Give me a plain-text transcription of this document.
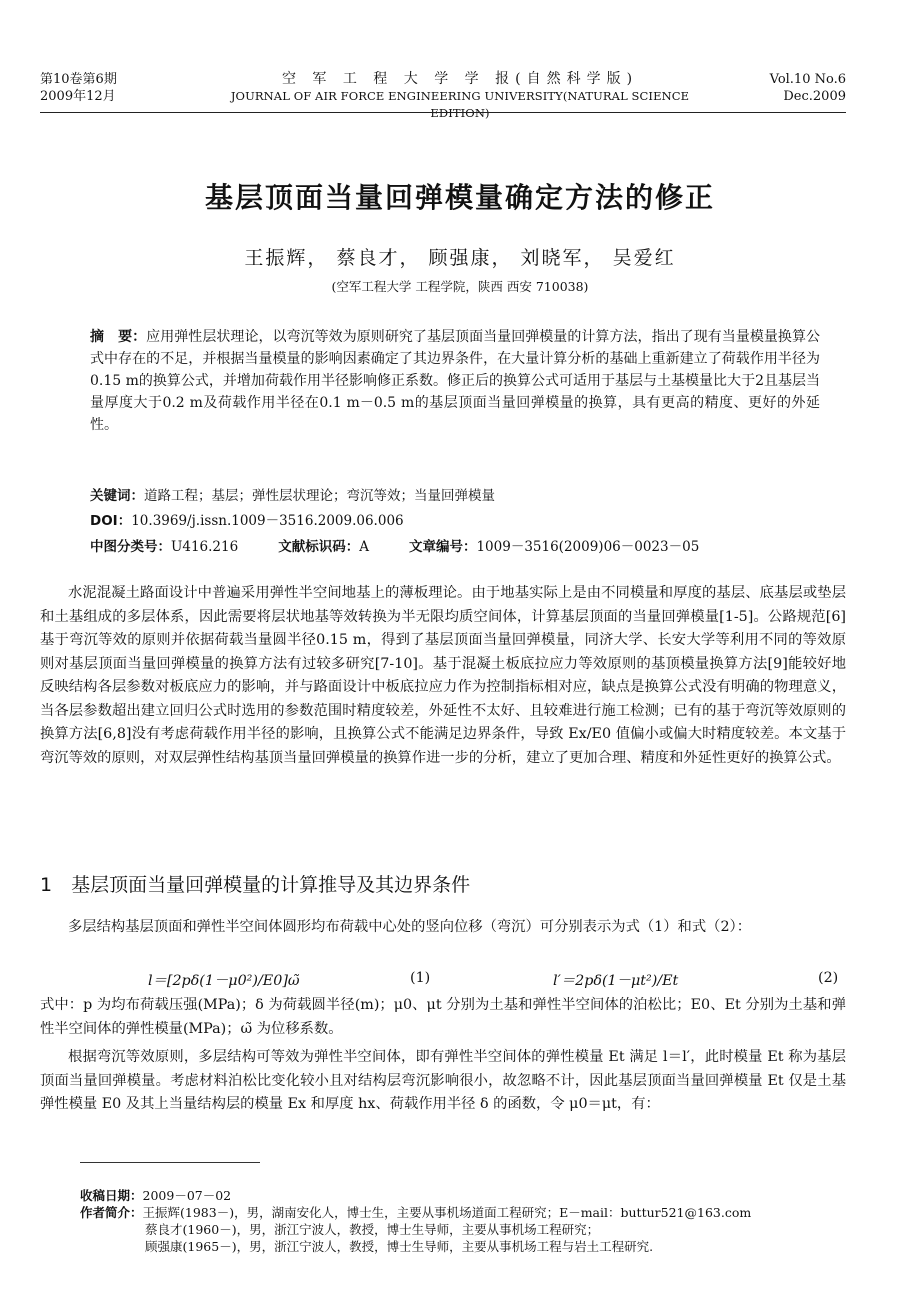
第10卷第6期
2009年12月
空 军 工 程 大 学 学 报(自然科学版)
JOURNAL OF AIR FORCE ENGINEERING UNIVERSITY(NATURAL SCIENCE EDITION)
Vol.10 No.6
Dec.2009
基层顶面当量回弹模量确定方法的修正
王振辉， 蔡良才， 顾强康， 刘晓军， 吴爱红
(空军工程大学 工程学院，陕西 西安 710038)
摘　要：应用弹性层状理论，以弯沉等效为原则研究了基层顶面当量回弹模量的计算方法，指出了现有当量模量换算公式中存在的不足，并根据当量模量的影响因素确定了其边界条件，在大量计算分析的基础上重新建立了荷载作用半径为0.15 m的换算公式，并增加荷载作用半径影响修正系数。修正后的换算公式可适用于基层与土基模量比大于2且基层当量厚度大于0.2 m及荷载作用半径在0.1 m－0.5 m的基层顶面当量回弹模量的换算，具有更高的精度、更好的外延性。
关键词：道路工程；基层；弹性层状理论；弯沉等效；当量回弹模量
DOI：10.3969/j.issn.1009－3516.2009.06.006
中图分类号：U416.216	文献标识码：A	文章编号：1009－3516(2009)06－0023－05
水泥混凝土路面设计中普遍采用弹性半空间地基上的薄板理论。由于地基实际上是由不同模量和厚度的基层、底基层或垫层和土基组成的多层体系，因此需要将层状地基等效转换为半无限均质空间体，计算基层顶面的当量回弹模量[1-5]。公路规范[6]基于弯沉等效的原则并依据荷载当量圆半径0.15 m，得到了基层顶面当量回弹模量，同济大学、长安大学等利用不同的等效原则对基层顶面当量回弹模量的换算方法有过较多研究[7-10]。基于混凝土板底拉应力等效原则的基顶模量换算方法[9]能较好地反映结构各层参数对板底应力的影响，并与路面设计中板底拉应力作为控制指标相对应，缺点是换算公式没有明确的物理意义，当各层参数超出建立回归公式时选用的参数范围时精度较差，外延性不太好、且较难进行施工检测；已有的基于弯沉等效原则的换算方法[6,8]没有考虑荷载作用半径的影响，且换算公式不能满足边界条件，导致 Ex/E0 值偏小或偏大时精度较差。本文基于弯沉等效的原则，对双层弹性结构基顶当量回弹模量的换算作进一步的分析，建立了更加合理、精度和外延性更好的换算公式。
1　基层顶面当量回弹模量的计算推导及其边界条件
多层结构基层顶面和弹性半空间体圆形均布荷载中心处的竖向位移（弯沉）可分别表示为式（1）和式（2）：
l＝[2pδ(1－μ0²)/E0]ω̃	(1)	l′＝2pδ(1－μt²)/Et	(2)
式中：p 为均布荷载压强(MPa)；δ 为荷载圆半径(m)；μ0、μt 分别为土基和弹性半空间体的泊松比；E0、Et 分别为土基和弹性半空间体的弹性模量(MPa)；ω̃ 为位移系数。
根据弯沉等效原则，多层结构可等效为弹性半空间体，即有弹性半空间体的弹性模量 Et 满足 l＝l′，此时模量 Et 称为基层顶面当量回弹模量。考虑材料泊松比变化较小且对结构层弯沉影响很小，故忽略不计，因此基层顶面当量回弹模量 Et 仅是土基弹性模量 E0 及其上当量结构层的模量 Ex 和厚度 hx、荷载作用半径 δ 的函数，令 μ0＝μt，有：
收稿日期：2009－07－02
作者简介：王振辉(1983－)，男，湖南安化人，博士生，主要从事机场道面工程研究；E－mail：buttur521@163.com
蔡良才(1960－)，男，浙江宁波人，教授，博士生导师，主要从事机场工程研究；
顾强康(1965－)，男，浙江宁波人，教授，博士生导师，主要从事机场工程与岩土工程研究.
